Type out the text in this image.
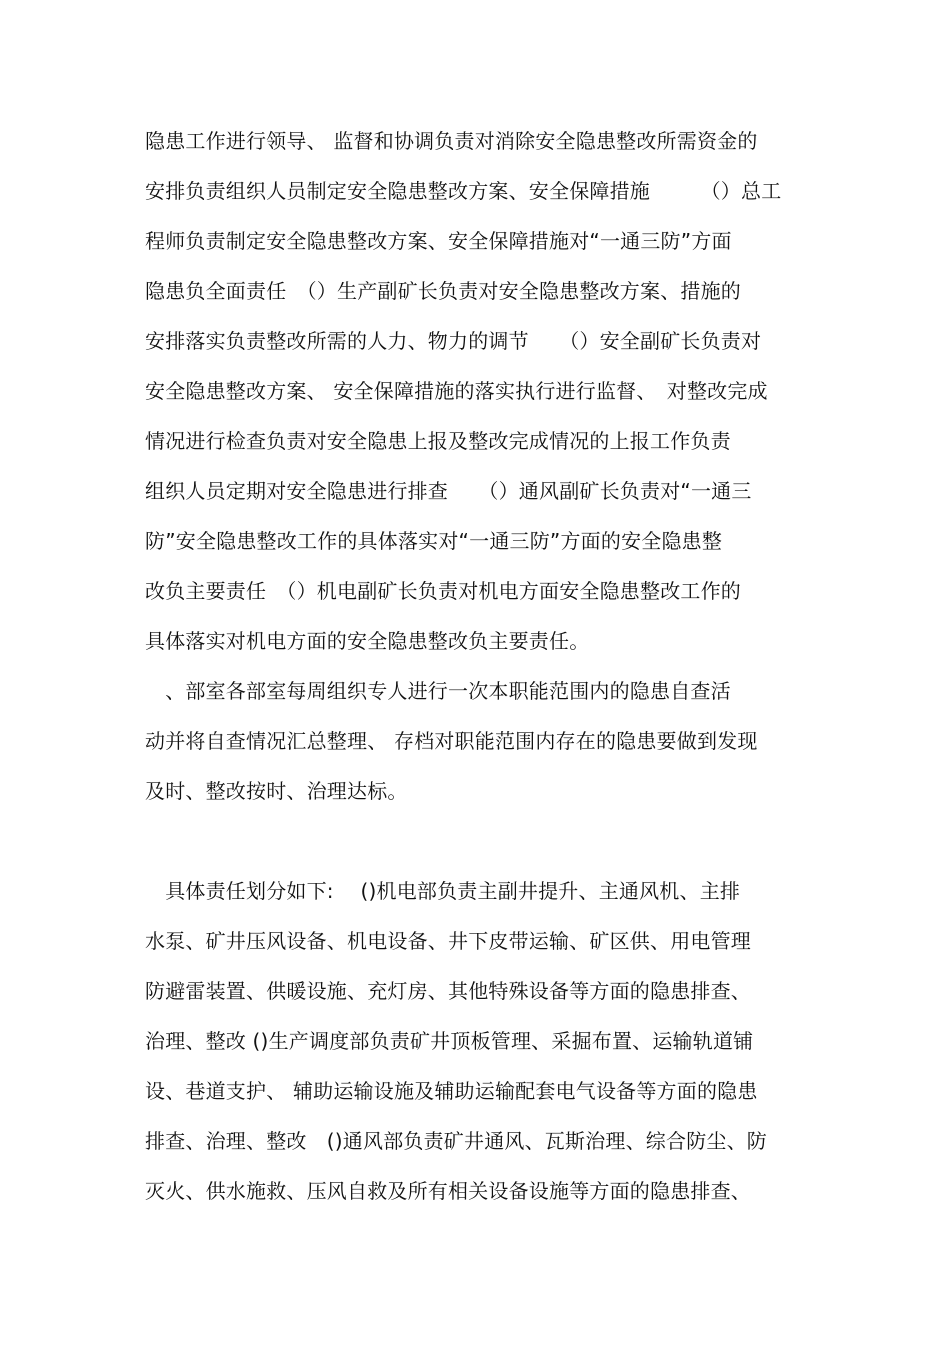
隐患工作进行领导、 监督和协调负责对消除安全隐患整改所需资金的

安排负责组织人员制定安全隐患整改方案、安全保障措施　　　（）总工

程师负责制定安全隐患整改方案、安全保障措施对“一通三防”方面

隐患负全面责任　（）生产副矿长负责对安全隐患整改方案、措施的

安排落实负责整改所需的人力、物力的调节　　（）安全副矿长负责对

安全隐患整改方案、 安全保障措施的落实执行进行监督、　对整改完成

情况进行检查负责对安全隐患上报及整改完成情况的上报工作负责

组织人员定期对安全隐患进行排查　　（）通风副矿长负责对“一通三

防”安全隐患整改工作的具体落实对“一通三防”方面的安全隐患整

改负主要责任　（）机电副矿长负责对机电方面安全隐患整改工作的

具体落实对机电方面的安全隐患整改负主要责任。

　、部室各部室每周组织专人进行一次本职能范围内的隐患自查活

动并将自查情况汇总整理、 存档对职能范围内存在的隐患要做到发现

及时、整改按时、治理达标。

　具体责任划分如下:　 ()机电部负责主副井提升、主通风机、主排

水泵、矿井压风设备、机电设备、井下皮带运输、矿区供、用电管理

防避雷装置、供暖设施、充灯房、其他特殊设备等方面的隐患排查、

治理、整改 ()生产调度部负责矿井顶板管理、采掘布置、运输轨道铺

设、巷道支护、 辅助运输设施及辅助运输配套电气设备等方面的隐患

排查、治理、整改　()通风部负责矿井通风、瓦斯治理、综合防尘、防

灭火、供水施救、压风自救及所有相关设备设施等方面的隐患排查、
